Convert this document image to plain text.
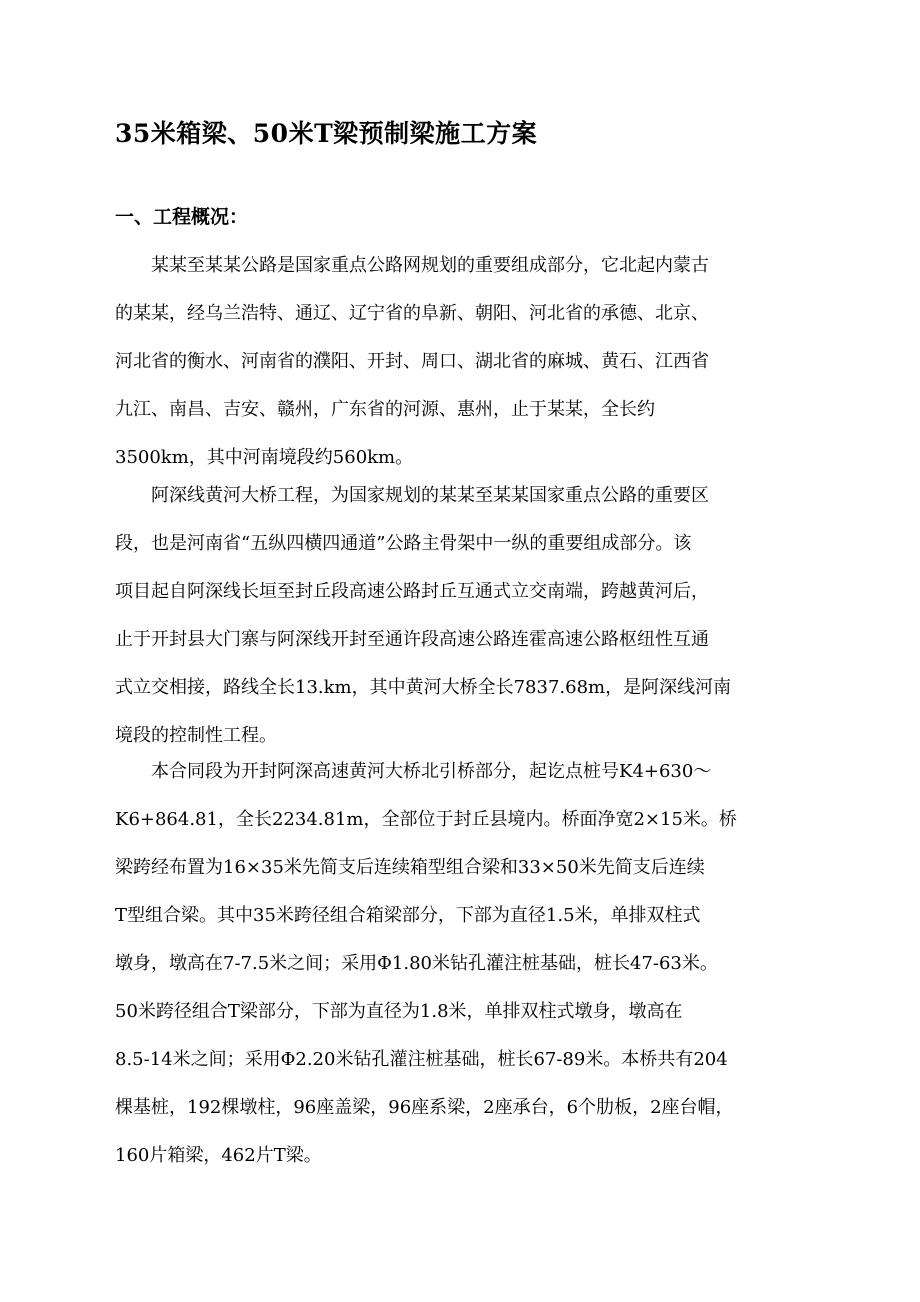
35米箱梁、50米T梁预制梁施工方案
一、工程概况：
某某至某某公路是国家重点公路网规划的重要组成部分，它北起内蒙古
的某某，经乌兰浩特、通辽、辽宁省的阜新、朝阳、河北省的承德、北京、
河北省的衡水、河南省的濮阳、开封、周口、湖北省的麻城、黄石、江西省
九江、南昌、吉安、赣州，广东省的河源、惠州，止于某某，全长约
3500km，其中河南境段约560km。
阿深线黄河大桥工程，为国家规划的某某至某某国家重点公路的重要区
段，也是河南省“五纵四横四通道”公路主骨架中一纵的重要组成部分。该
项目起自阿深线长垣至封丘段高速公路封丘互通式立交南端，跨越黄河后，
止于开封县大门寨与阿深线开封至通许段高速公路连霍高速公路枢纽性互通
式立交相接，路线全长13.km，其中黄河大桥全长7837.68m，是阿深线河南
境段的控制性工程。
本合同段为开封阿深高速黄河大桥北引桥部分，起讫点桩号K4+630～
K6+864.81，全长2234.81m，全部位于封丘县境内。桥面净宽2×15米。桥
梁跨经布置为16×35米先简支后连续箱型组合梁和33×50米先简支后连续
T型组合梁。其中35米跨径组合箱梁部分，下部为直径1.5米，单排双柱式
墩身，墩高在7-7.5米之间；采用Φ1.80米钻孔灌注桩基础，桩长47-63米。
50米跨径组合T梁部分，下部为直径为1.8米，单排双柱式墩身，墩高在
8.5-14米之间；采用Φ2.20米钻孔灌注桩基础，桩长67-89米。本桥共有204
棵基桩，192棵墩柱，96座盖梁，96座系梁，2座承台，6个肋板，2座台帽，
160片箱梁，462片T梁。
